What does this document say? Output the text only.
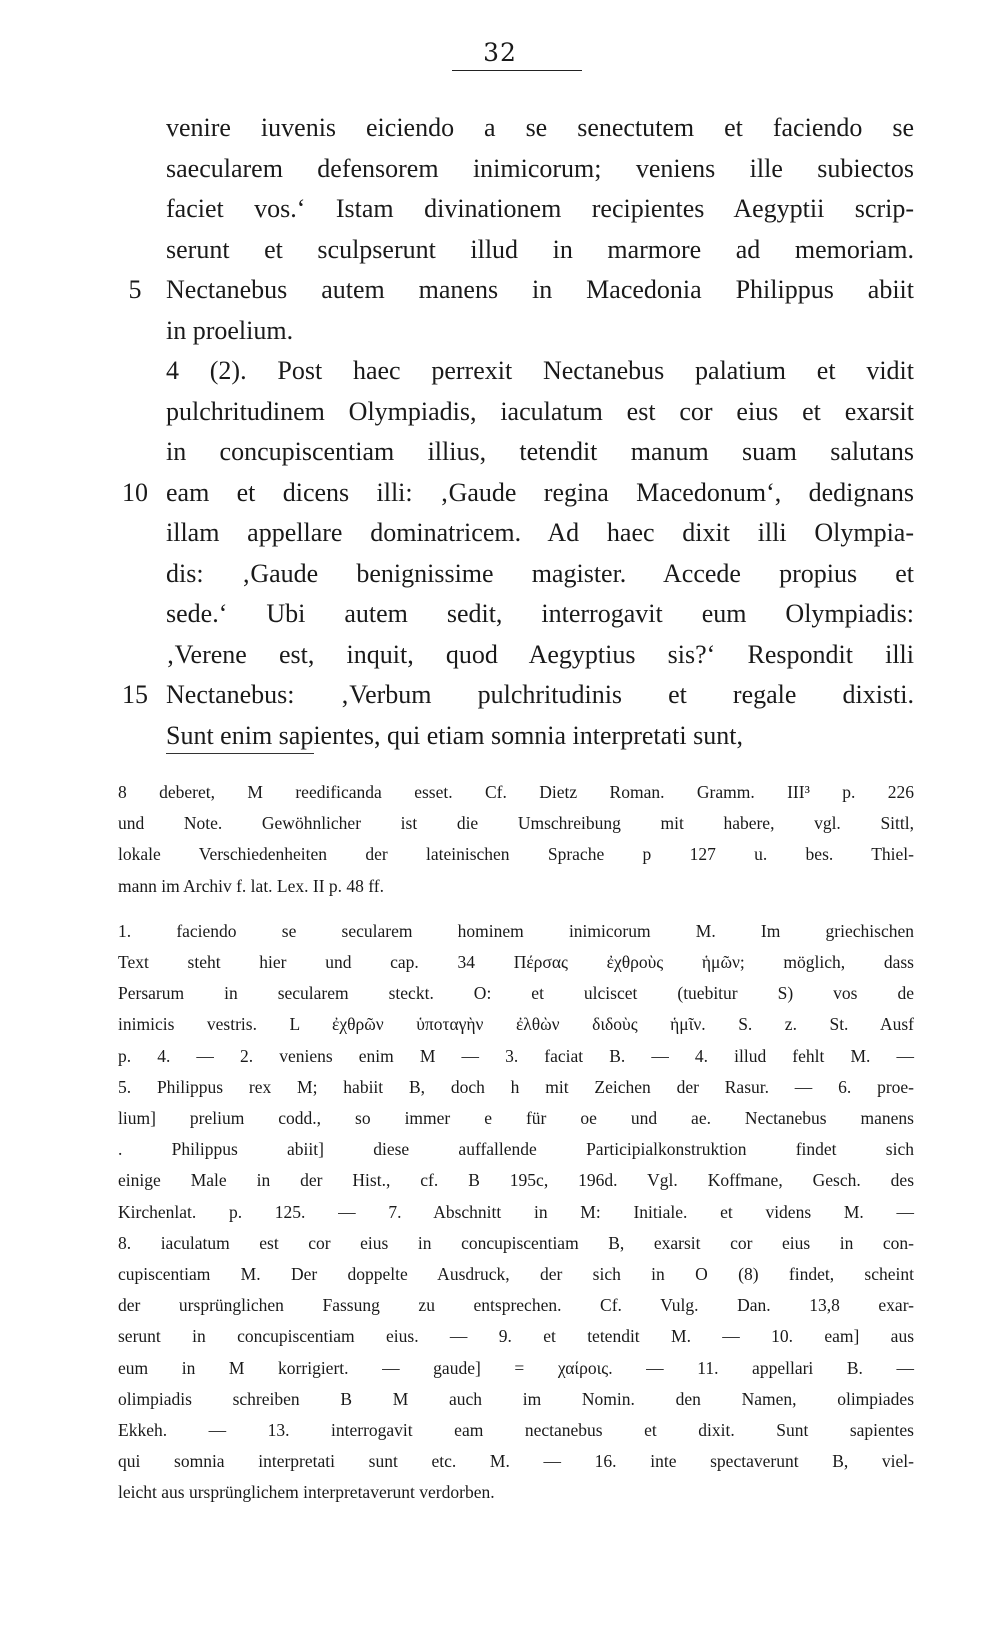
32
venire iuvenis eiciendo a se senectutem et faciendo se
saecularem defensorem inimicorum; veniens ille subiectos
faciet vos.‘ Istam divinationem recipientes Aegyptii scrip-
serunt et sculpserunt illud in marmore ad memoriam.
5 Nectanebus autem manens in Macedonia Philippus abiit
in proelium.
4 (2). Post haec perrexit Nectanebus palatium et vidit
pulchritudinem Olympiadis, iaculatum est cor eius et exarsit
in concupiscentiam illius, tetendit manum suam salutans
10 eam et dicens illi: ‚Gaude regina Macedonum‘, dedignans
illam appellare dominatricem. Ad haec dixit illi Olympia-
dis: ‚Gaude benignissime magister. Accede propius et
sede.‘ Ubi autem sedit, interrogavit eum Olympiadis:
‚Verene est, inquit, quod Aegyptius sis?‘ Respondit illi
15 Nectanebus: ‚Verbum pulchritudinis et regale dixisti.
Sunt enim sapientes, qui etiam somnia interpretati sunt,
8 deberet, M reedificanda esset. Cf. Dietz Roman. Gramm. III³ p. 226
und Note. Gewöhnlicher ist die Umschreibung mit habere, vgl. Sittl,
lokale Verschiedenheiten der lateinischen Sprache p 127 u. bes. Thiel-
mann im Archiv f. lat. Lex. II p. 48 ff.
1. faciendo se secularem hominem inimicorum M. Im griechischen
Text steht hier und cap. 34 Πέρσας ἐχθροὺς ἡμῶν; möglich, dass
Persarum in secularem steckt. O: et ulciscet (tuebitur S) vos de
inimicis vestris. L ἐχθρῶν ὑποταγὴν ἐλθὼν διδοὺς ἡμῖν. S. z. St. Ausf
p. 4. — 2. veniens enim M — 3. faciat B. — 4. illud fehlt M. —
5. Philippus rex M; habiit B, doch h mit Zeichen der Rasur. — 6. proe-
lium] prelium codd., so immer e für oe und ae. Nectanebus manens
. Philippus abiit] diese auffallende Participialkonstruktion findet sich
einige Male in der Hist., cf. B 195c, 196d. Vgl. Koffmane, Gesch. des
Kirchenlat. p. 125. — 7. Abschnitt in M: Initiale. et videns M. —
8. iaculatum est cor eius in concupiscentiam B, exarsit cor eius in con-
cupiscentiam M. Der doppelte Ausdruck, der sich in O (8) findet, scheint
der ursprünglichen Fassung zu entsprechen. Cf. Vulg. Dan. 13,8 exar-
serunt in concupiscentiam eius. — 9. et tetendit M. — 10. eam] aus
eum in M korrigiert. — gaude] = χαίροις. — 11. appellari B. —
olimpiadis schreiben B M auch im Nomin. den Namen, olimpiades
Ekkeh. — 13. interrogavit eam nectanebus et dixit. Sunt sapientes
qui somnia interpretati sunt etc. M. — 16. inte spectaverunt B, viel-
leicht aus ursprünglichem interpretaverunt verdorben.
